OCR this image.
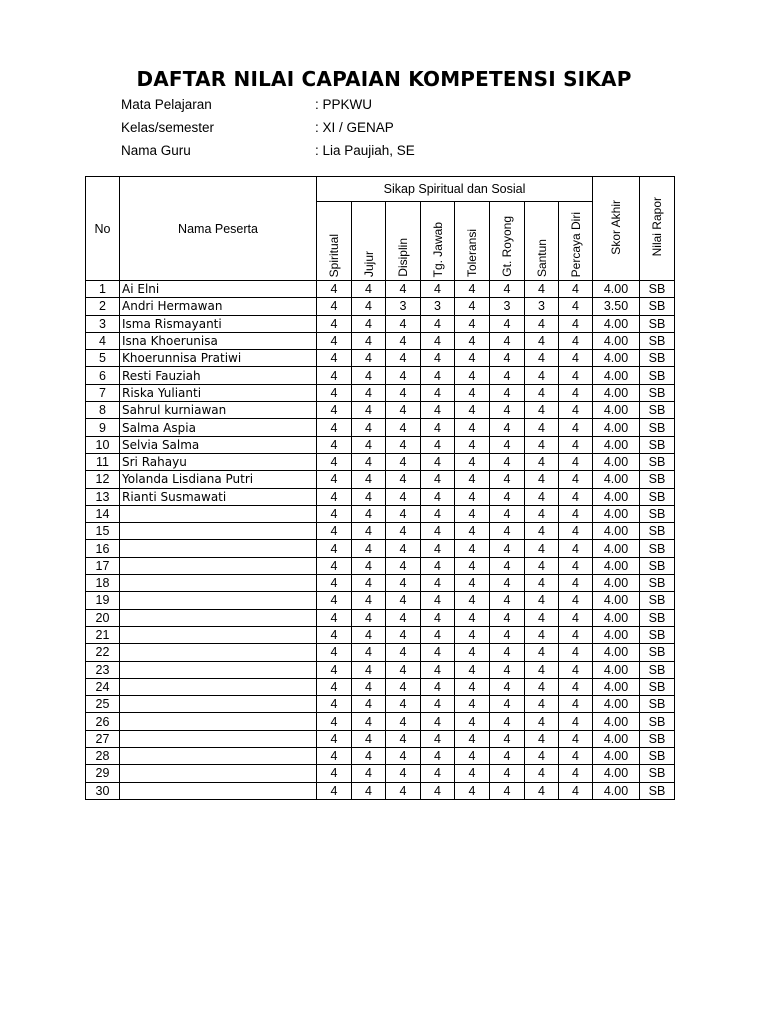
DAFTAR NILAI CAPAIAN KOMPETENSI SIKAP
Mata Pelajaran	: PPKWU
Kelas/semester	: XI / GENAP
Nama Guru	: Lia Paujiah, SE
No	Nama Peserta	Sikap Spiritual dan Sosial								Skor Akhir	Nilai Rapor
		Spiritual	Jujur	Disiplin	Tg. Jawab	Toleransi	Gt. Royong	Santun	Percaya Diri		
1	Ai Elni	4	4	4	4	4	4	4	4	4.00	SB
2	Andri Hermawan	4	4	3	3	4	3	3	4	3.50	SB
3	Isma Rismayanti	4	4	4	4	4	4	4	4	4.00	SB
4	Isna Khoerunisa	4	4	4	4	4	4	4	4	4.00	SB
5	Khoerunnisa Pratiwi	4	4	4	4	4	4	4	4	4.00	SB
6	Resti Fauziah	4	4	4	4	4	4	4	4	4.00	SB
7	Riska Yulianti	4	4	4	4	4	4	4	4	4.00	SB
8	Sahrul kurniawan	4	4	4	4	4	4	4	4	4.00	SB
9	Salma Aspia	4	4	4	4	4	4	4	4	4.00	SB
10	Selvia Salma	4	4	4	4	4	4	4	4	4.00	SB
11	Sri Rahayu	4	4	4	4	4	4	4	4	4.00	SB
12	Yolanda Lisdiana Putri	4	4	4	4	4	4	4	4	4.00	SB
13	Rianti Susmawati	4	4	4	4	4	4	4	4	4.00	SB
14		4	4	4	4	4	4	4	4	4.00	SB
15		4	4	4	4	4	4	4	4	4.00	SB
16		4	4	4	4	4	4	4	4	4.00	SB
17		4	4	4	4	4	4	4	4	4.00	SB
18		4	4	4	4	4	4	4	4	4.00	SB
19		4	4	4	4	4	4	4	4	4.00	SB
20		4	4	4	4	4	4	4	4	4.00	SB
21		4	4	4	4	4	4	4	4	4.00	SB
22		4	4	4	4	4	4	4	4	4.00	SB
23		4	4	4	4	4	4	4	4	4.00	SB
24		4	4	4	4	4	4	4	4	4.00	SB
25		4	4	4	4	4	4	4	4	4.00	SB
26		4	4	4	4	4	4	4	4	4.00	SB
27		4	4	4	4	4	4	4	4	4.00	SB
28		4	4	4	4	4	4	4	4	4.00	SB
29		4	4	4	4	4	4	4	4	4.00	SB
30		4	4	4	4	4	4	4	4	4.00	SB
